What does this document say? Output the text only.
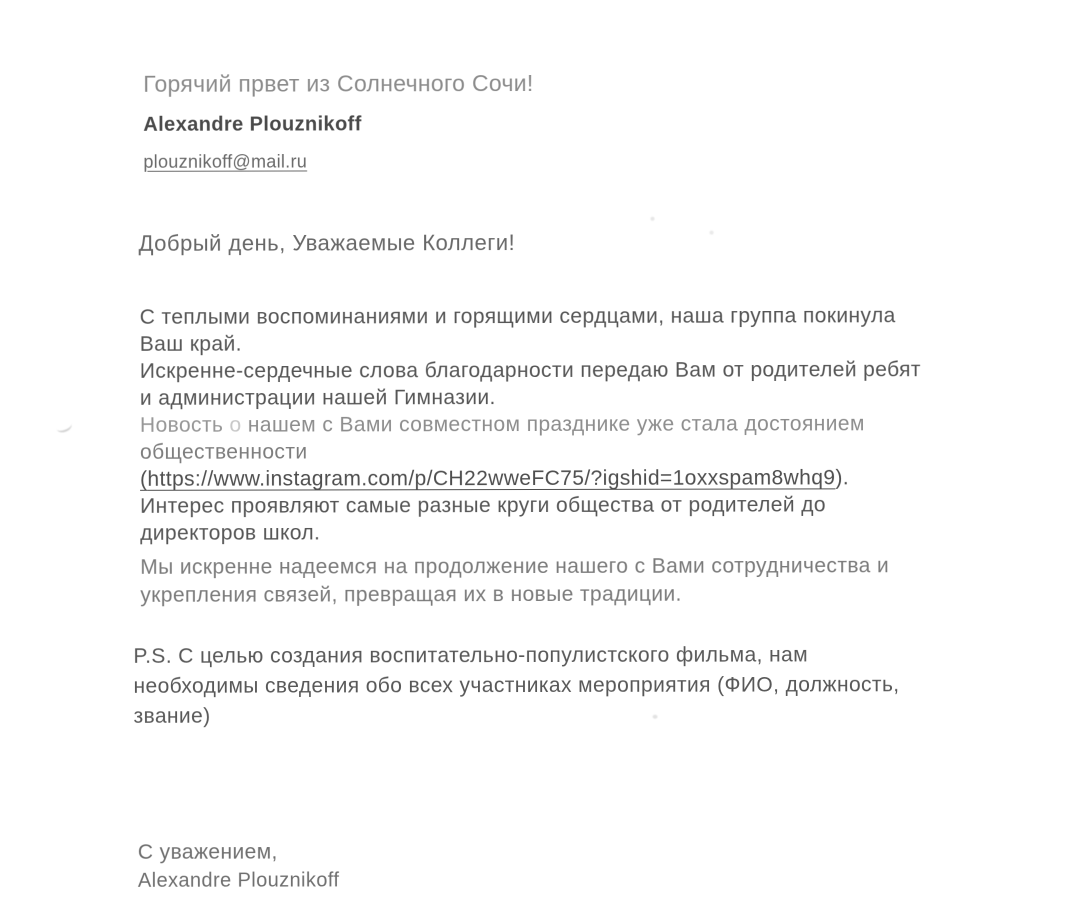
Горячий првет из Солнечного Сочи!
Alexandre Plouznikoff
plouznikoff@mail.ru
Добрый день, Уважаемые Коллеги!
С теплыми воспоминаниями и горящими сердцами, наша группа покинула
Ваш край.
Искренне-сердечные слова благодарности передаю Вам от родителей ребят
и администрации нашей Гимназии.
Новость о нашем с Вами совместном празднике уже стала достоянием
общественности
(https://www.instagram.com/p/CH22wweFC75/?igshid=1oxxspam8whq9).
Интерес проявляют самые разные круги общества от родителей до
директоров школ.
Мы искренне надеемся на продолжение нашего с Вами сотрудничества и
укрепления связей, превращая их в новые традиции.
P.S. С целью создания воспитательно-популистского фильма, нам
необходимы сведения обо всех участниках мероприятия (ФИО, должность,
звание)
С уважением,
Alexandre Plouznikoff
